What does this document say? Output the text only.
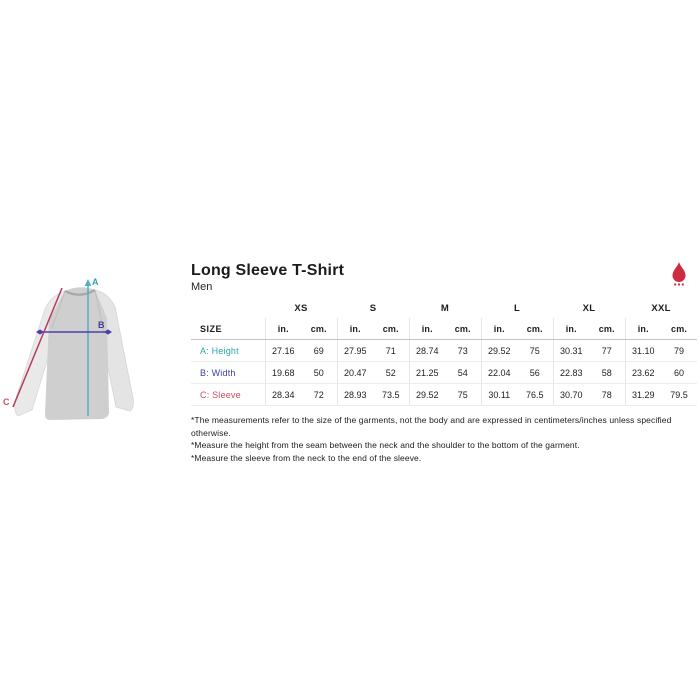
A
B
C
Long Sleeve T-Shirt
Men
	XS		S		M		L		XL		XXL	
SIZE	in.	cm.	in.	cm.	in.	cm.	in.	cm.	in.	cm.	in.	cm.
A: Height	27.16	69	27.95	71	28.74	73	29.52	75	30.31	77	31.10	79
B: Width	19.68	50	20.47	52	21.25	54	22.04	56	22.83	58	23.62	60
C: Sleeve	28.34	72	28.93	73.5	29.52	75	30.11	76.5	30.70	78	31.29	79.5
*The measurements refer to the size of the garments, not the body and are expressed in centimeters/inches unless specified otherwise.
*Measure the height from the seam between the neck and the shoulder to the bottom of the garment.
*Measure the sleeve from the neck to the end of the sleeve.
